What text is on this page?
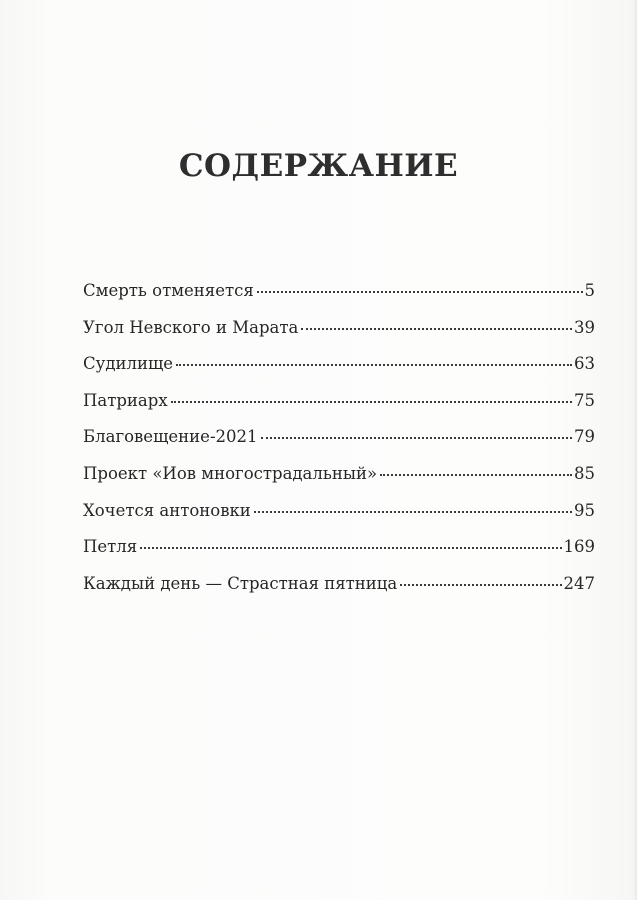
СОДЕРЖАНИЕ
Смерть отменяется	5
Угол Невского и Марата	39
Судилище	63
Патриарх	75
Благовещение-2021	79
Проект «Иов многострадальный»	85
Хочется антоновки	95
Петля	169
Каждый день — Страстная пятница	247
